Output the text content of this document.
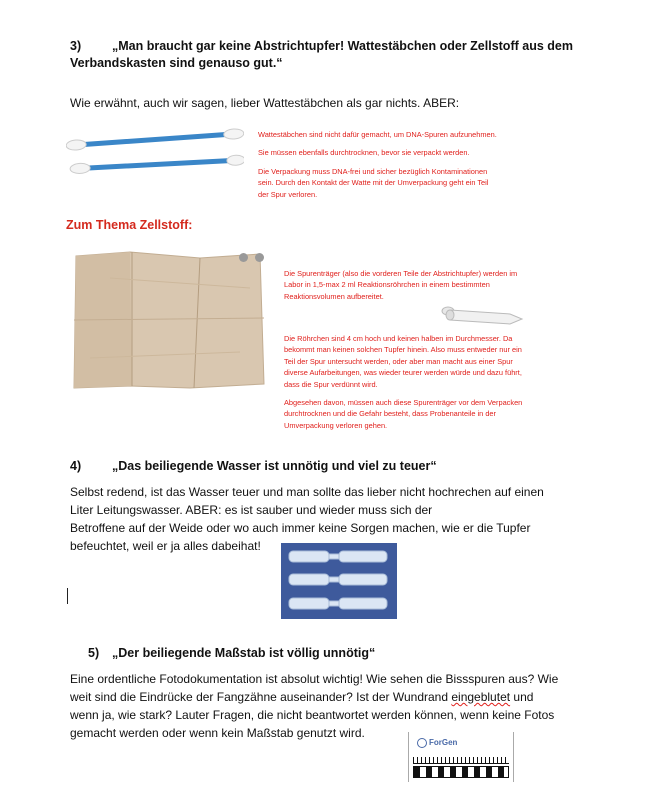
3) „Man braucht gar keine Abstrichtupfer! Wattestäbchen oder Zellstoff aus dem
Verbandskasten sind genauso gut.“
Wie erwähnt, auch wir sagen, lieber Wattestäbchen als gar nichts. ABER:

Wattestäbchen sind nicht dafür gemacht, um DNA-Spuren aufzunehmen.

Sie müssen ebenfalls durchtrocknen, bevor sie verpackt werden.

Die Verpackung muss DNA-frei und sicher bezüglich Kontaminationen sein. Durch den Kontakt der Watte mit der Umverpackung geht ein Teil der Spur verloren.

Zum Thema Zellstoff:
Die Spurenträger (also die vorderen Teile der Abstrichtupfer) werden im Labor in 1,5-max 2 ml Reaktionsröhrchen in einem bestimmten Reaktionsvolumen aufbereitet.

Die Röhrchen sind 4 cm hoch und keinen halben im Durchmesser. Da bekommt man keinen solchen Tupfer hinein. Also muss entweder nur ein Teil der Spur untersucht werden, oder aber man macht aus einer Spur diverse Aufarbeitungen, was wieder teurer werden würde und dazu führt, dass die Spur verdünnt wird.

Abgesehen davon, müssen auch diese Spurenträger vor dem Verpacken durchtrocknen und die Gefahr besteht, dass Probenanteile in der Umverpackung verloren gehen.

4) „Das beiliegende Wasser ist unnötig und viel zu teuer“
Selbst redend, ist das Wasser teuer und man sollte das lieber nicht hochrechen auf einen
Liter Leitungswasser. ABER: es ist sauber und wieder muss sich der
Betroffene auf der Weide oder wo auch immer keine Sorgen machen, wie er die Tupfer
befeuchtet, weil er ja alles dabeihat!
5) „Der beiliegende Maßstab ist völlig unnötig“
Eine ordentliche Fotodokumentation ist absolut wichtig! Wie sehen die Bissspuren aus? Wie
weit sind die Eindrücke der Fangzähne auseinander? Ist der Wundrand eingeblutet und
wenn ja, wie stark? Lauter Fragen, die nicht beantwortet werden können, wenn keine Fotos
gemacht werden oder wenn kein Maßstab genutzt wird.
ForGen
